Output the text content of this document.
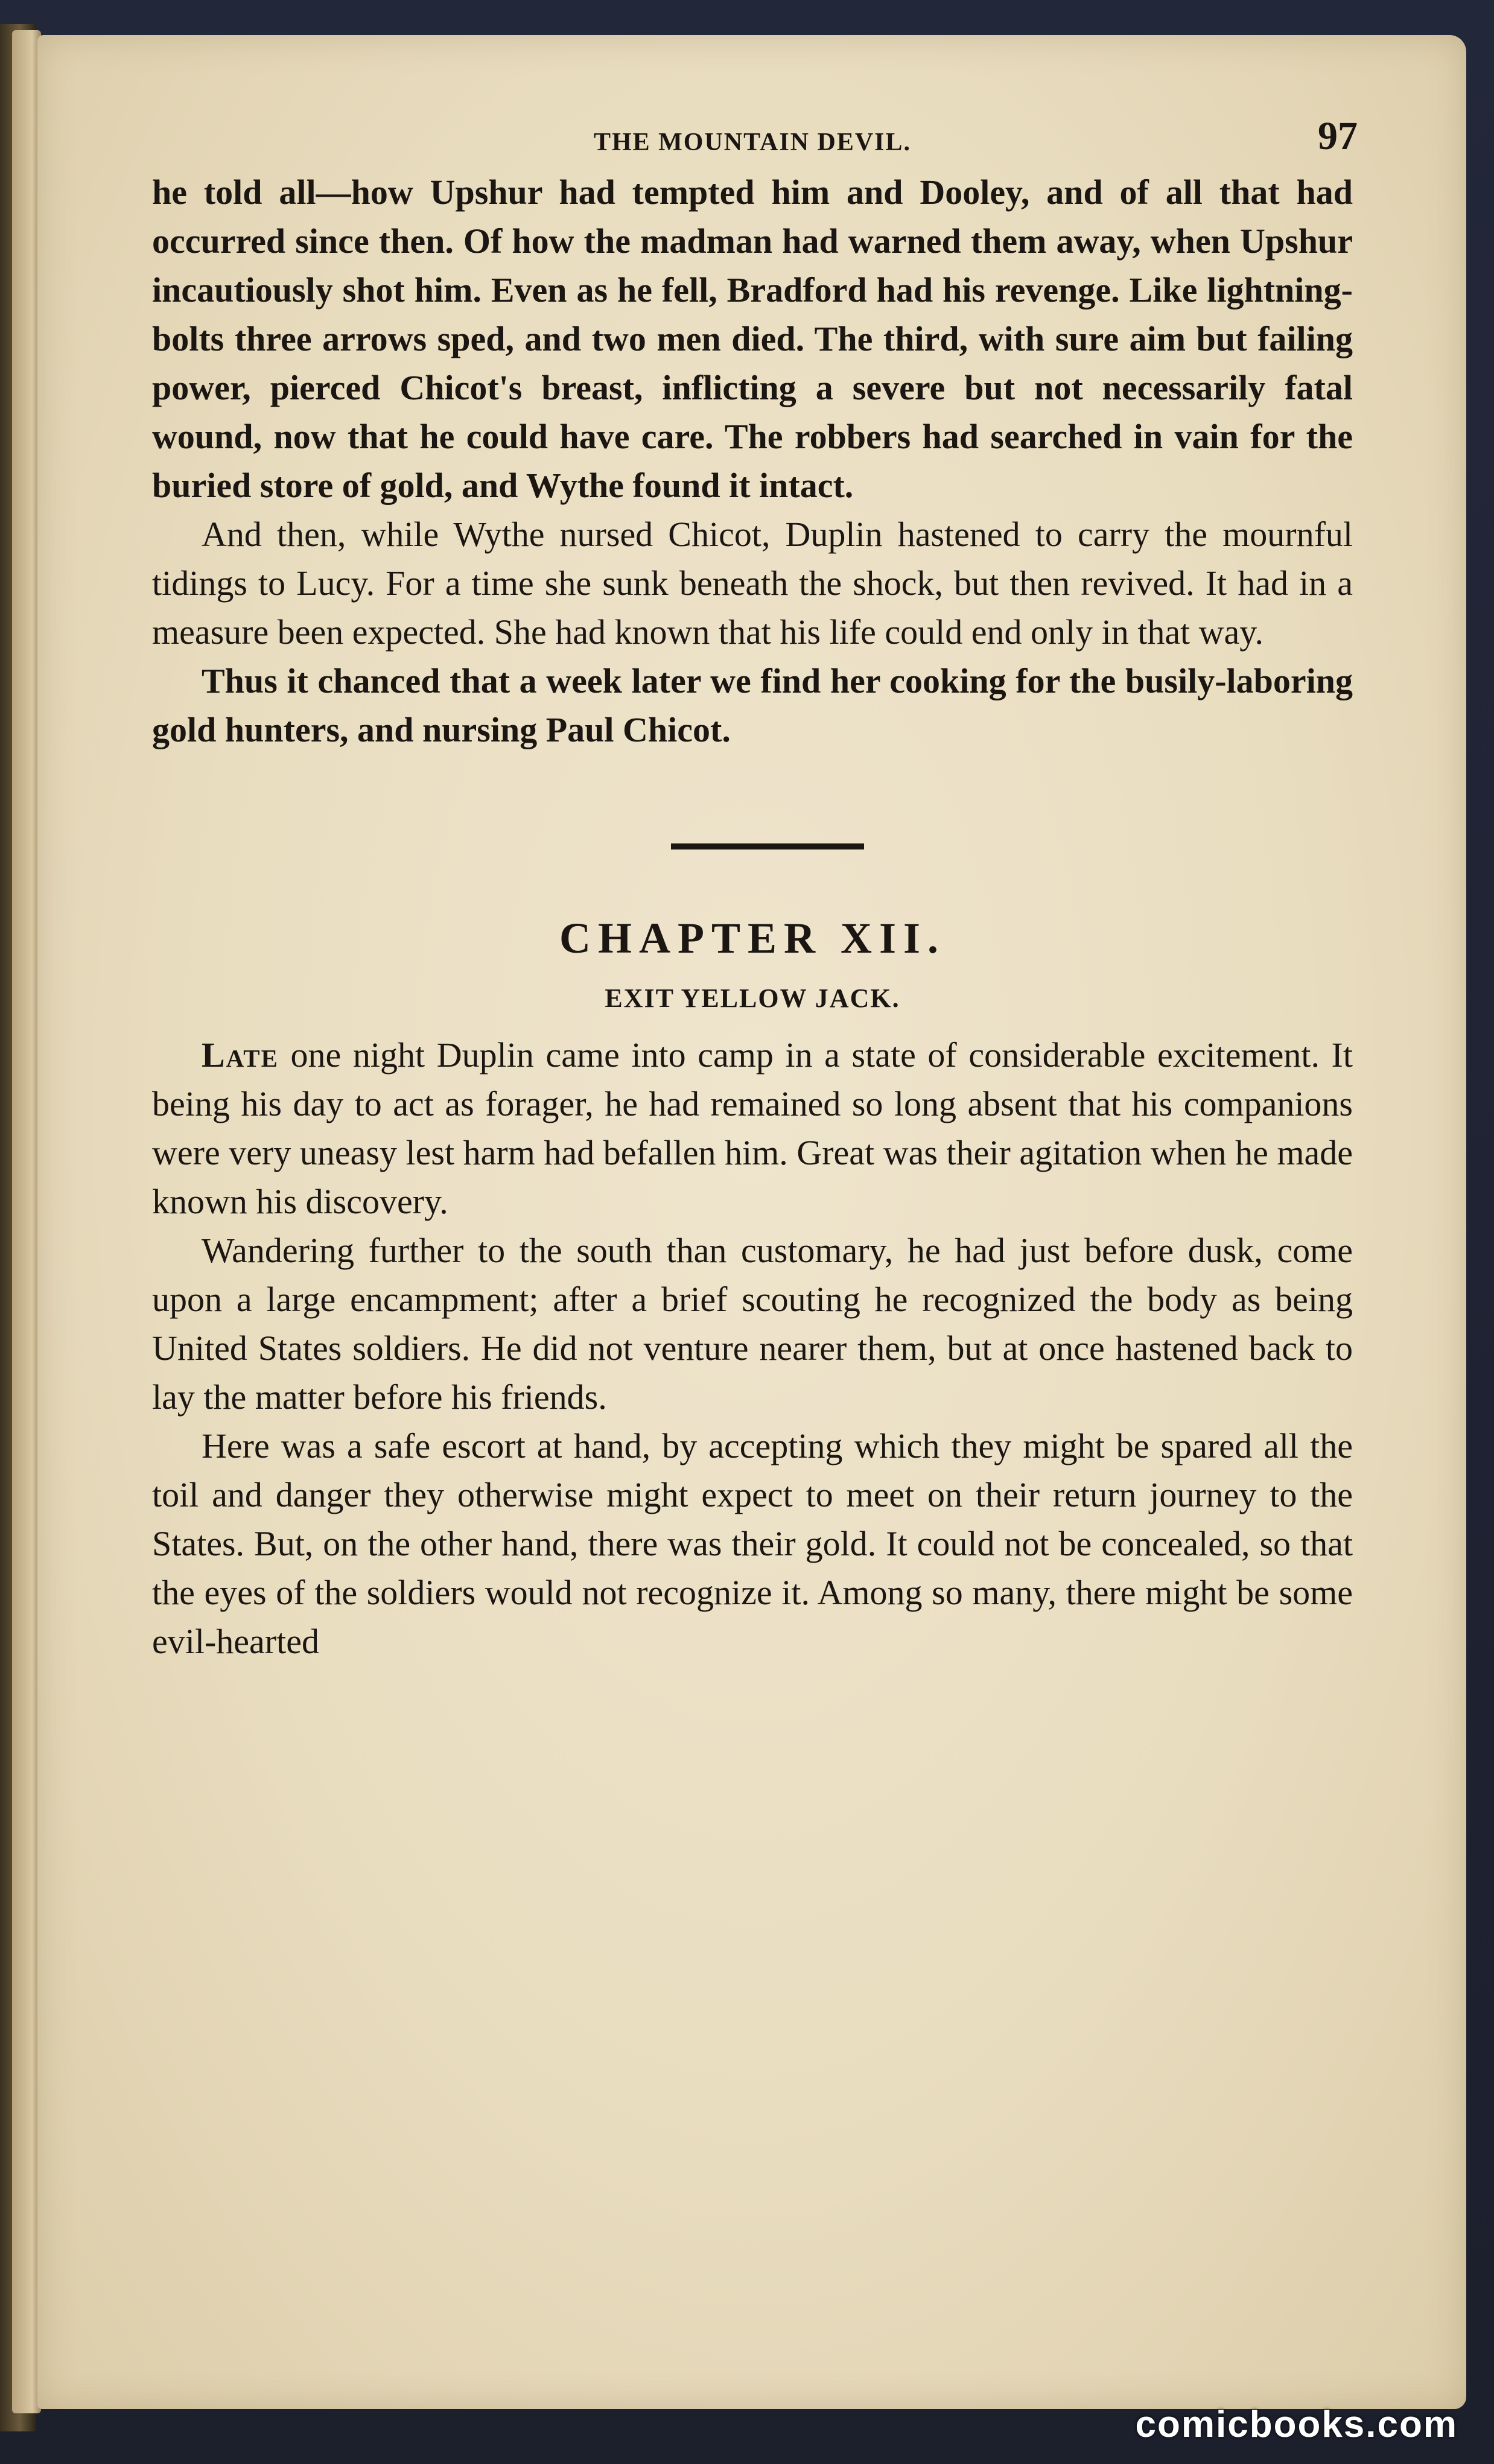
THE MOUNTAIN DEVIL.	97

he told all—how Upshur had tempted him and Dooley, and of all that had occurred since then. Of how the madman had warned them away, when Upshur incautiously shot him. Even as he fell, Bradford had his revenge. Like lightning-bolts three arrows sped, and two men died. The third, with sure aim but failing power, pierced Chicot's breast, inflicting a severe but not necessarily fatal wound, now that he could have care. The robbers had searched in vain for the buried store of gold, and Wythe found it intact.

And then, while Wythe nursed Chicot, Duplin hastened to carry the mournful tidings to Lucy. For a time she sunk beneath the shock, but then revived. It had in a measure been expected. She had known that his life could end only in that way.

Thus it chanced that a week later we find her cooking for the busily-laboring gold hunters, and nursing Paul Chicot.

CHAPTER XII.
EXIT YELLOW JACK.

Late one night Duplin came into camp in a state of considerable excitement. It being his day to act as forager, he had remained so long absent that his companions were very uneasy lest harm had befallen him. Great was their agitation when he made known his discovery.

Wandering further to the south than customary, he had just before dusk, come upon a large encampment; after a brief scouting he recognized the body as being United States soldiers. He did not venture nearer them, but at once hastened back to lay the matter before his friends.

Here was a safe escort at hand, by accepting which they might be spared all the toil and danger they otherwise might expect to meet on their return journey to the States. But, on the other hand, there was their gold. It could not be concealed, so that the eyes of the soldiers would not recognize it. Among so many, there might be some evil-hearted

comicbooks.com
